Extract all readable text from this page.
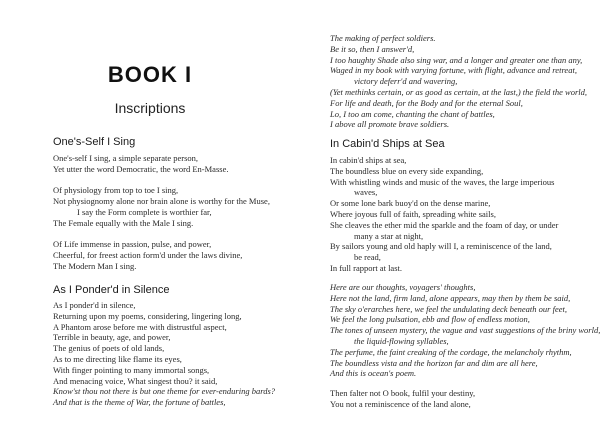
BOOK I
Inscriptions
One's-Self I Sing
One's-self I sing, a simple separate person,
Yet utter the word Democratic, the word En-Masse.
Of physiology from top to toe I sing,
Not physiognomy alone nor brain alone is worthy for the Muse,
I say the Form complete is worthier far,
The Female equally with the Male I sing.
Of Life immense in passion, pulse, and power,
Cheerful, for freest action form'd under the laws divine,
The Modern Man I sing.
As I Ponder'd in Silence
As I ponder'd in silence,
Returning upon my poems, considering, lingering long,
A Phantom arose before me with distrustful aspect,
Terrible in beauty, age, and power,
The genius of poets of old lands,
As to me directing like flame its eyes,
With finger pointing to many immortal songs,
And menacing voice, What singest thou? it said,
Know'st thou not there is but one theme for ever-enduring bards?
And that is the theme of War, the fortune of battles,
The making of perfect soldiers.
Be it so, then I answer'd,
I too haughty Shade also sing war, and a longer and greater one than any,
Waged in my book with varying fortune, with flight, advance and retreat,
victory deferr'd and wavering,
(Yet methinks certain, or as good as certain, at the last,) the field the world,
For life and death, for the Body and for the eternal Soul,
Lo, I too am come, chanting the chant of battles,
I above all promote brave soldiers.
In Cabin'd Ships at Sea
In cabin'd ships at sea,
The boundless blue on every side expanding,
With whistling winds and music of the waves, the large imperious
waves,
Or some lone bark buoy'd on the dense marine,
Where joyous full of faith, spreading white sails,
She cleaves the ether mid the sparkle and the foam of day, or under
many a star at night,
By sailors young and old haply will I, a reminiscence of the land,
be read,
In full rapport at last.
Here are our thoughts, voyagers' thoughts,
Here not the land, firm land, alone appears, may then by them be said,
The sky o'erarches here, we feel the undulating deck beneath our feet,
We feel the long pulsation, ebb and flow of endless motion,
The tones of unseen mystery, the vague and vast suggestions of the briny world,
the liquid-flowing syllables,
The perfume, the faint creaking of the cordage, the melancholy rhythm,
The boundless vista and the horizon far and dim are all here,
And this is ocean's poem.
Then falter not O book, fulfil your destiny,
You not a reminiscence of the land alone,
